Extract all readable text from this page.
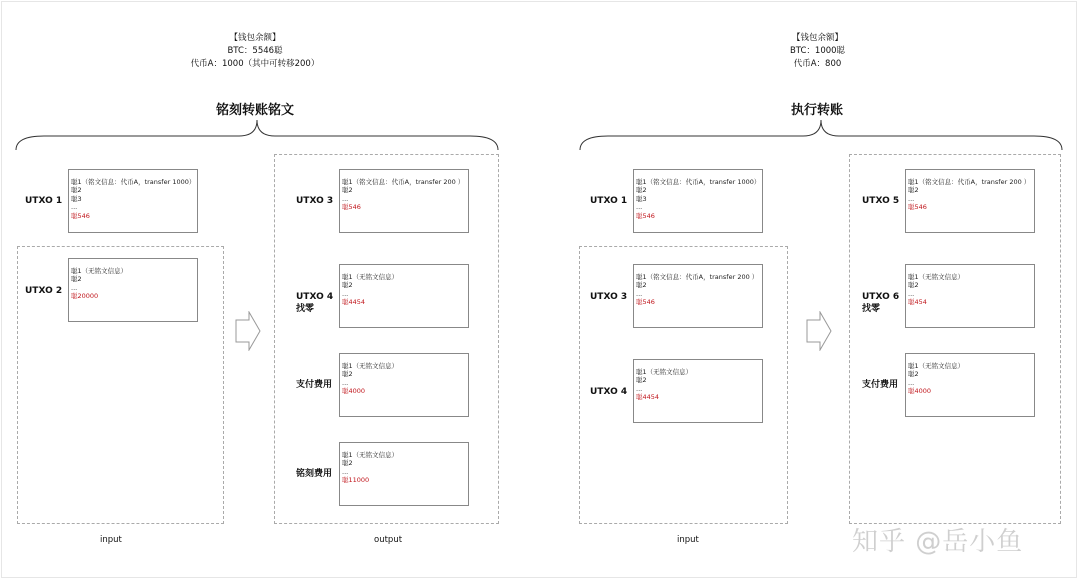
【钱包余额】
BTC：5546聪
代币A：1000（其中可转移200）
铭刻转账铭文
UTXO 1
聪1（铭文信息：代币A，transfer 1000）
聪2
聪3
...
聪546
UTXO 2
聪1（无铭文信息）
聪2
...
聪20000
UTXO 3
聪1（铭文信息：代币A，transfer 200 ）
聪2
...
聪546
UTXO 4
找零
聪1（无铭文信息）
聪2
...
聪4454
支付费用
聪1（无铭文信息）
聪2
...
聪4000
铭刻费用
聪1（无铭文信息）
聪2
...
聪11000
input	output
【钱包余额】
BTC：1000聪
代币A：800
执行转账
UTXO 1
聪1（铭文信息：代币A，transfer 1000）
聪2
聪3
...
聪546
UTXO 3
聪1（铭文信息：代币A，transfer 200 ）
聪2
...
聪546
UTXO 4
聪1（无铭文信息）
聪2
...
聪4454
UTXO 5
聪1（铭文信息：代币A，transfer 200 ）
聪2
...
聪546
UTXO 6
找零
聪1（无铭文信息）
聪2
...
聪454
支付费用
聪1（无铭文信息）
聪2
...
聪4000
input	知乎 @岳小鱼
